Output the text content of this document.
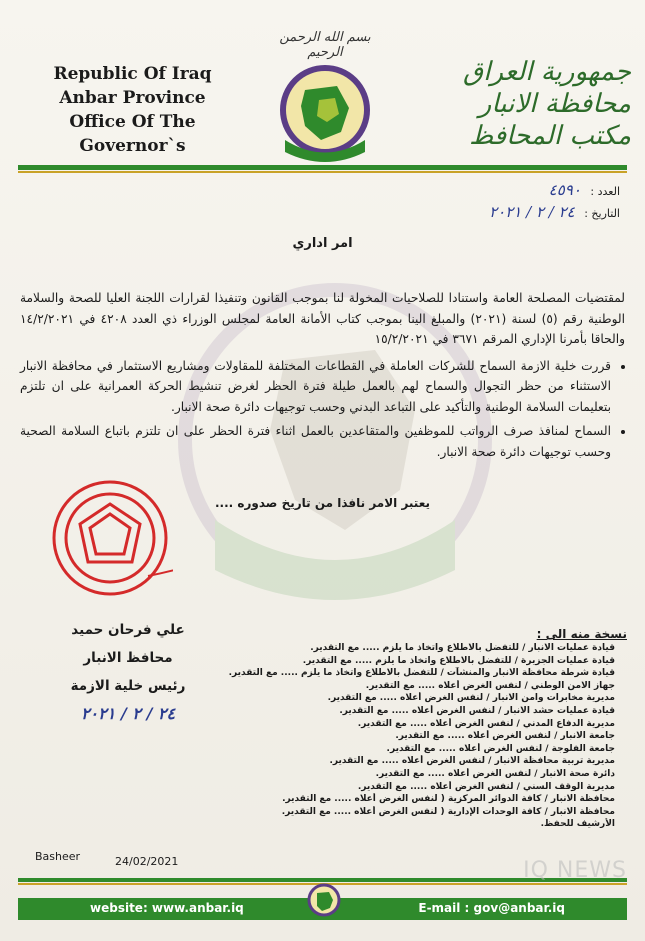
Republic Of Iraq
Anbar Province
Office Of The Governor`s
بسم الله الرحمن الرحيم
جمهورية العراق
محافظة الانبار
مكتب المحافظ
العدد : ٤٥٩٠
التاريخ : ٢٤ / ٢ / ٢٠٢١
امر اداري

لمقتضيات المصلحة العامة واستنادا للصلاحيات المخولة لنا بموجب القانون وتنفيذا لقرارات اللجنة العليا للصحة والسلامة الوطنية رقم (٥) لسنة (٢٠٢١) والمبلغ الينا بموجب كتاب الأمانة العامة لمجلس الوزراء ذي العدد ٤٢٠٨ في ١٤/٢/٢٠٢١ والحاقا بأمرنا الإداري المرقم ٣٦٧١ في ١٥/٢/٢٠٢١

• قررت خلية الازمة السماح للشركات العاملة في القطاعات المختلفة للمقاولات ومشاريع الاستثمار في محافظة الانبار الاستثناء من حظر التجوال والسماح لهم بالعمل طيلة فترة الحظر لغرض تنشيط الحركة العمرانية على ان تلتزم بتعليمات السلامة الوطنية والتأكيد على التباعد البدني وحسب توجيهات دائرة صحة الانبار.
• السماح لمنافذ صرف الرواتب للموظفين والمتقاعدين بالعمل اثناء فترة الحظر على ان تلتزم باتباع السلامة الصحية وحسب توجيهات دائرة صحة الانبار.
يعتبر الامر نافذا من تاريخ صدوره ....
علي فرحان حميد
محافظ الانبار
رئيس خلية الازمة
٢٤ / ٢ / ٢٠٢١
نسخة منه الى :
• قيادة عمليات الانبار / للتفضل بالاطلاع واتخاذ ما يلزم ..... مع التقدير.
• قيادة عمليات الجزيرة / للتفضل بالاطلاع واتخاذ ما يلزم ..... مع التقدير.
• قيادة شرطة محافظة الانبار والمنشآت / للتفضل بالاطلاع واتخاذ ما يلزم ..... مع التقدير.
• جهاز الامن الوطني / لنفس الغرض أعلاه ..... مع التقدير.
• مديرية مخابرات وامن الانبار / لنفس الغرض أعلاه ..... مع التقدير.
• قيادة عمليات حشد الانبار / لنفس الغرض أعلاه ..... مع التقدير.
• مديرية الدفاع المدني / لنفس الغرض أعلاه ..... مع التقدير.
• جامعة الانبار / لنفس الغرض أعلاه ..... مع التقدير.
• جامعة الفلوجة / لنفس الغرض أعلاه ..... مع التقدير.
• مديرية تربية محافظة الانبار / لنفس الغرض أعلاه ..... مع التقدير.
• دائرة صحة الانبار / لنفس الغرض أعلاه ..... مع التقدير.
• مديرية الوقف السني / لنفس الغرض أعلاه ..... مع التقدير.
• محافظة الانبار / كافة الدوائر المركزية ( لنفس الغرض أعلاه ..... مع التقدير.
• محافظة الانبار / كافة الوحدات الإدارية ( لنفس الغرض أعلاه ..... مع التقدير.
الأرشيف للحفظ.
Basheer	24/02/2021
website: www.anbar.iq	E-mail : gov@anbar.iq
IQ NEWS
